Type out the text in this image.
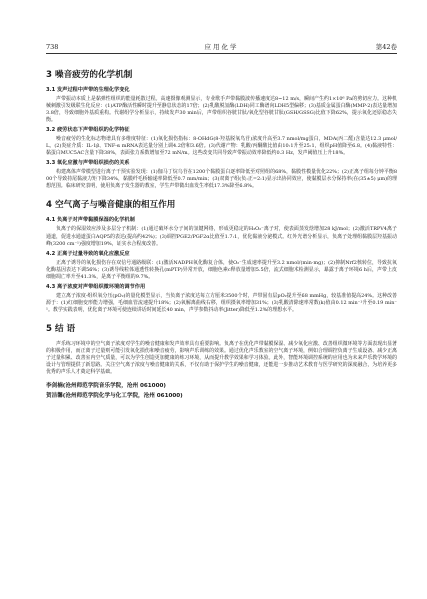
738	应用化学	第42卷
3 噪音疲劳的化学机制
3.1 发声过程中声带的生理化学变化

声带振动本质上是黏弹性组织的能量耗散过程。高速摄像观测显示，专业歌手声带黏膜波传播速度达8~12 m/s，瞬间产生约1×10⁶ Pa的剪切应力。这种机械刺激引发级联生化反应：(1)ATP酶活性瞬时提升至静息状态的17倍；(2)乳酸脱氢酶(LDH)同工酶谱向LDH5型偏移；(3)基质金属蛋白酶(MMP-2)表达量增加3.8倍，导致细胞外基质重构。代谢组学分析显示，持续发声30 min后，声带组织谷胱甘肽/氧化型谷胱甘肽(GSH/GSSG)比值下降62%，提示氧化还原稳态失衡。

3.2 疲劳状态下声带组织的化学特征

噪音疲劳的生化标志物谱具有多维度特征：(1)氧化损伤指标：8-OHdG(8-羟基脱氧鸟苷)浓度升高至3.7 nmol/mg蛋白，MDA(丙二醛)含量达12.3 μmol/L。(2)炎症介质：IL-1β、TNF-α mRNA表达量分别上调4.2倍和3.6倍。(3)代谢产物：乳酸/丙酮酸比值由10:1升至25:1，组织pH值降至6.8。(4)黏液特性：黏蛋白MUC5AC含量下降38%，表面张力系数增加至72 mN/m。这些改变共同导致声带振动效率降低约0.3 Hz，发声阈值压上升18%。

3.3 氧化应激与声带组织损伤的关系

构建离体声带模型进行离子干预实验发现：(1)伽马丁烷乌苷在1200个黏膜蛋白逐率降低至对照组的68%，黏膜性模量优化22%；(2)正离子组每分钟平衡800个导致持尾黏液力矩下降34%，黏膜纤毛桥输递率降低至0.7 mm/min；(3)双离子组(负:正=2:1)显示出协同效应，使黏膜层水分保持率(在(35±5) μm)的理想范围。临床研究表明，使用负离子发生器的教室，学生声带微出血发生率低17.3%降至6.8%。

4 空气离子与噪音健康的相互作用
4.1 负离子对声带黏膜保湿的化学机制

负离子的保湿效应涉及多层分子机制：(1)通过破坏水分子间的氢键网络，形成更稳定的H₃O₂⁻离子对，使表面蒸发焓增加28 kJ/mol；(2)激活TRPV4离子通道，促进水通道蛋白AQP5的表达(提高约42%)；(3)调控PGE2/PGF2α比值至1.7:1，优化黏液分泌模式。红外光谱分析显示，负离子处理组黏膜层羟基振动峰(3200 cm⁻¹)强度增加19%，证实水合程度改善。

4.2 正离子过量导致的氧化应激反应

正离子诱导的氧化损伤存在双信号通路级联：(1)激活NADPH氧化酶复合体，使O₂⁻生成速率提升至3.2 nmol/(min·mg)；(2)抑制Nrf2核转位，导致抗氧化酶基因表达下调56%；(3)诱导线粒体通透性转换孔(mPTP)异常开放，细胞色素c释放量增加5.5倍，流式细胞术检测显示，暴露于离子环境6 h后，声带上皮细胞凋亡率升至41.3%，是离子平衡组的9.7%。

4.3 离子浓度对声带组织微环境的调节作用

建立离子浓度-组织氧分压(pO₂)的量化模型显示，当负离子浓度达每立方厘米3500个时，声带固有层pO₂提升至68 mmHg，较基准值提高24%。这种改善源于：(1)红细胞变形能力增强，毛细血管流速提升18%；(2)氧解离曲线右移，组织摄氧率增加31%；(3)乳酸清除速率常数(k)值由0.12 min⁻¹升至0.19 min⁻¹。教学实践表明，优化离子环境可使连续讲话时间延长40 min，声学参数抖动率(Jitter)降低至1.2%的理想水平。

5 结 语

声乐练习环境中的空气离子浓度对学生的噪音健康和发声效率具有重要影响。负离子在优化声带黏膜保湿、减少氧化应激、改善组织微环境等方面表现出显著的积极作用，而正离子过量则可能引发氧化损伤和噪音疲劳，影响声乐训练的效果。通过优化声乐教室的空气离子环境，例如合理调控负离子生成设备、减少正离子过量积累、改善室内空气质量，可以为学生创造更加健康的练习环境，从而提升教学效果和学习体验。此外，智能环境调控系统的应用也为未来声乐教学环境的设计与管理提供了新思路。关注空气离子浓度与噪音健康的关系，不仅有助于保护学生的噪音健康，还能进一步推动艺术教育与医学研究的深度融合，为培养更多优秀的声乐人才奠定科学基础。

李剑楠(沧州师范学院音乐学院，沧州 061000)
贺洁馨(沧州师范学院化学与化工学院，沧州 061000)
